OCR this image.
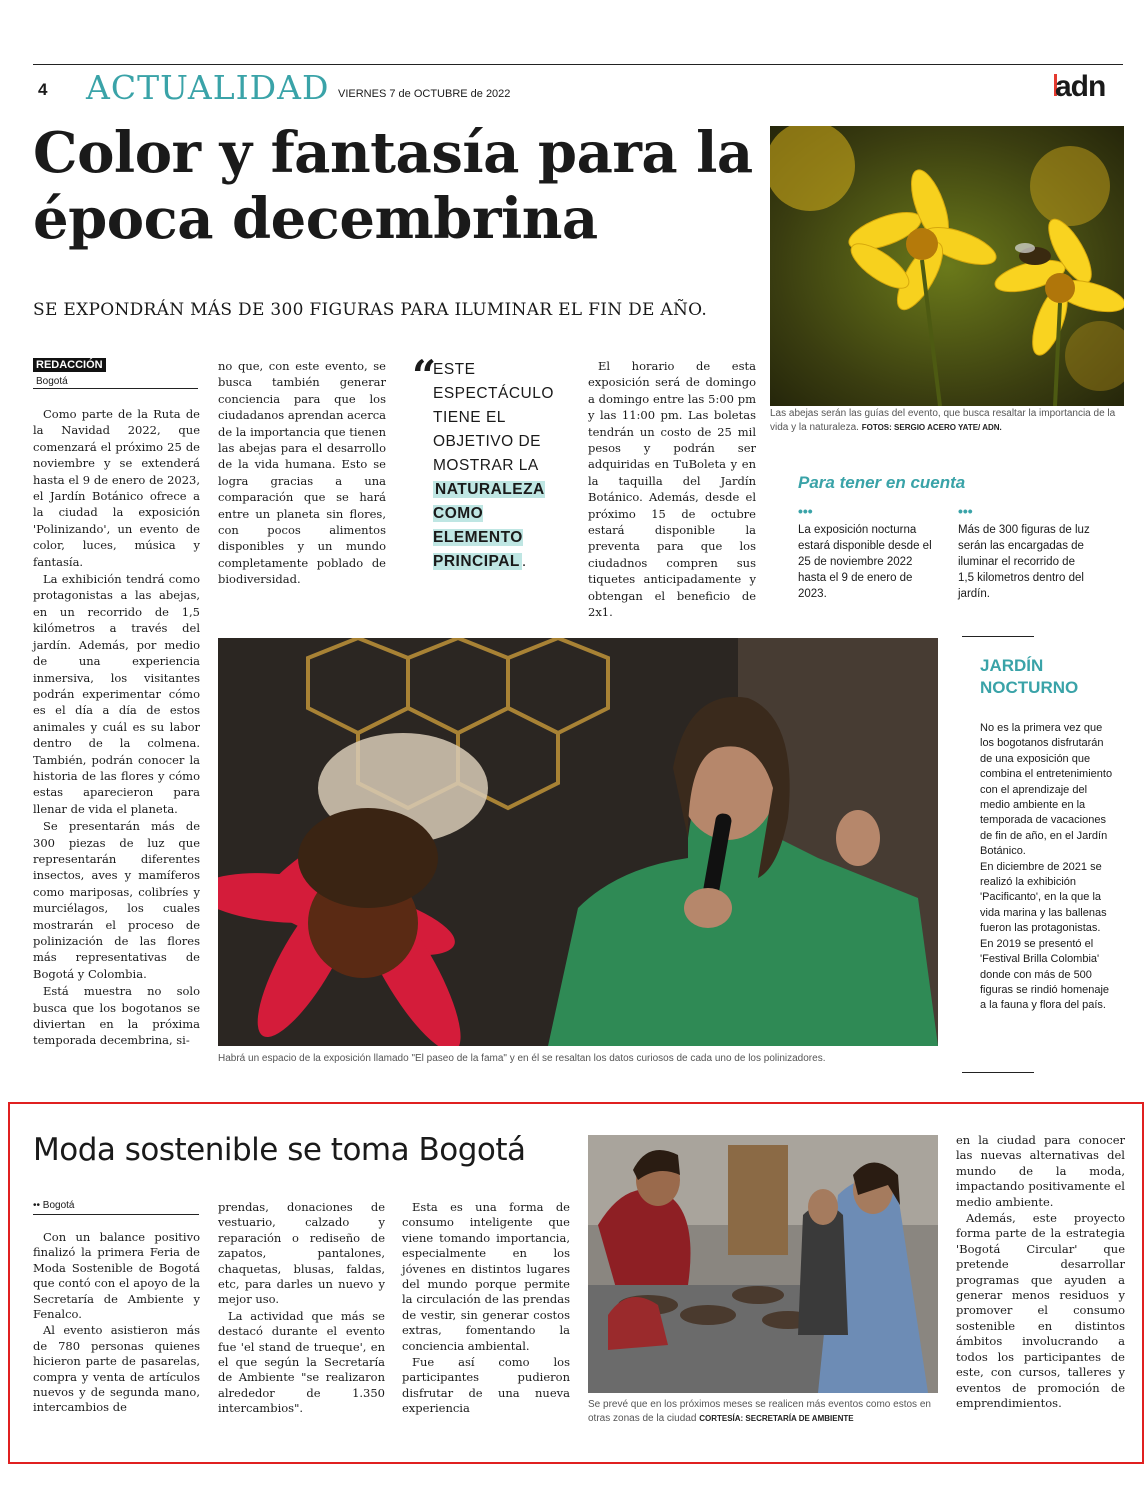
4 ACTUALIDAD VIERNES 7 de OCTUBRE de 2022	adn
Color y fantasía para la época decembrina
SE EXPONDRÁN MÁS DE 300 FIGURAS PARA ILUMINAR EL FIN DE AÑO.
Las abejas serán las guías del evento, que busca resaltar la importancia de la vida y la naturaleza. FOTOS: SERGIO ACERO YATE/ ADN.
REDACCIÓN
Bogotá

Como parte de la Ruta de la Navidad 2022, que comenzará el próximo 25 de noviembre y se extenderá hasta el 9 de enero de 2023, el Jardín Botánico ofrece a la ciudad la exposición 'Polinizando', un evento de color, luces, música y fantasía.

La exhibición tendrá como protagonistas a las abejas, en un recorrido de 1,5 kilómetros a través del jardín. Además, por medio de una experiencia inmersiva, los visitantes podrán experimentar cómo es el día a día de estos animales y cuál es su labor dentro de la colmena. También, podrán conocer la historia de las flores y cómo estas aparecieron para llenar de vida el planeta.

Se presentarán más de 300 piezas de luz que representarán diferentes insectos, aves y mamíferos como mariposas, colibríes y murciélagos, los cuales mostrarán el proceso de polinización de las flores más representativas de Bogotá y Colombia.

Está muestra no solo busca que los bogotanos se diviertan en la próxima temporada decembrina, si-

no que, con este evento, se busca también generar conciencia para que los ciudadanos aprendan acerca de la importancia que tienen las abejas para el desarrollo de la vida humana. Esto se logra gracias a una comparación que se hará entre un planeta sin flores, con pocos alimentos disponibles y un mundo completamente poblado de biodiversidad.

“
ESTE ESPECTÁCULO TIENE EL OBJETIVO DE MOSTRAR LA NATURALEZA COMO ELEMENTO PRINCIPAL .

El horario de esta exposición será de domingo a domingo entre las 5:00 pm y las 11:00 pm. Las boletas tendrán un costo de 25 mil pesos y podrán ser adquiridas en TuBoleta y en la taquilla del Jardín Botánico. Además, desde el próximo 15 de octubre estará disponible la preventa para que los ciudadnos compren sus tiquetes anticipadamente y obtengan el beneficio de 2x1.

Para tener en cuenta
•••
La exposición nocturna estará disponible desde el 25 de noviembre 2022 hasta el 9 de enero de 2023.
•••
Más de 300 figuras de luz serán las encargadas de iluminar el recorrido de 1,5 kilometros dentro del jardín.
Habrá un espacio de la exposición llamado "El paseo de la fama" y en él se resaltan los datos curiosos de cada uno de los polinizadores.
JARDÍN NOCTURNO
No es la primera vez que los bogotanos disfrutarán de una exposición que combina el entretenimiento con el aprendizaje del medio ambiente en la temporada de vacaciones de fin de año, en el Jardín Botánico.
En diciembre de 2021 se realizó la exhibición 'Pacificanto', en la que la vida marina y las ballenas fueron las protagonistas. En 2019 se presentó el 'Festival Brilla Colombia' donde con más de 500 figuras se rindió homenaje a la fauna y flora del país.
Moda sostenible se toma Bogotá
•• Bogotá

Con un balance positivo finalizó la primera Feria de Moda Sostenible de Bogotá que contó con el apoyo de la Secretaría de Ambiente y Fenalco.

Al evento asistieron más de 780 personas quienes hicieron parte de pasarelas, compra y venta de artículos nuevos y de segunda mano, intercambios de

prendas, donaciones de vestuario, calzado y reparación o rediseño de zapatos, pantalones, chaquetas, blusas, faldas, etc, para darles un nuevo y mejor uso.

La actividad que más se destacó durante el evento fue 'el stand de trueque', en el que según la Secretaría de Ambiente "se realizaron alrededor de 1.350 intercambios".

Esta es una forma de consumo inteligente que viene tomando importancia, especialmente en los jóvenes en distintos lugares del mundo porque permite la circulación de las prendas de vestir, sin generar costos extras, fomentando la conciencia ambiental.

Fue así como los participantes pudieron disfrutar de una nueva experiencia	Se prevé que en los próximos meses se realicen más eventos como estos en otras zonas de la ciudad CORTESÍA: SECRETARÍA DE AMBIENTE

en la ciudad para conocer las nuevas alternativas del mundo de la moda, impactando positivamente el medio ambiente.

Además, este proyecto forma parte de la estrategia 'Bogotá Circular' que pretende desarrollar programas que ayuden a generar menos residuos y promover el consumo sostenible en distintos ámbitos involucrando a todos los participantes de este, con cursos, talleres y eventos de promoción de emprendimientos.
